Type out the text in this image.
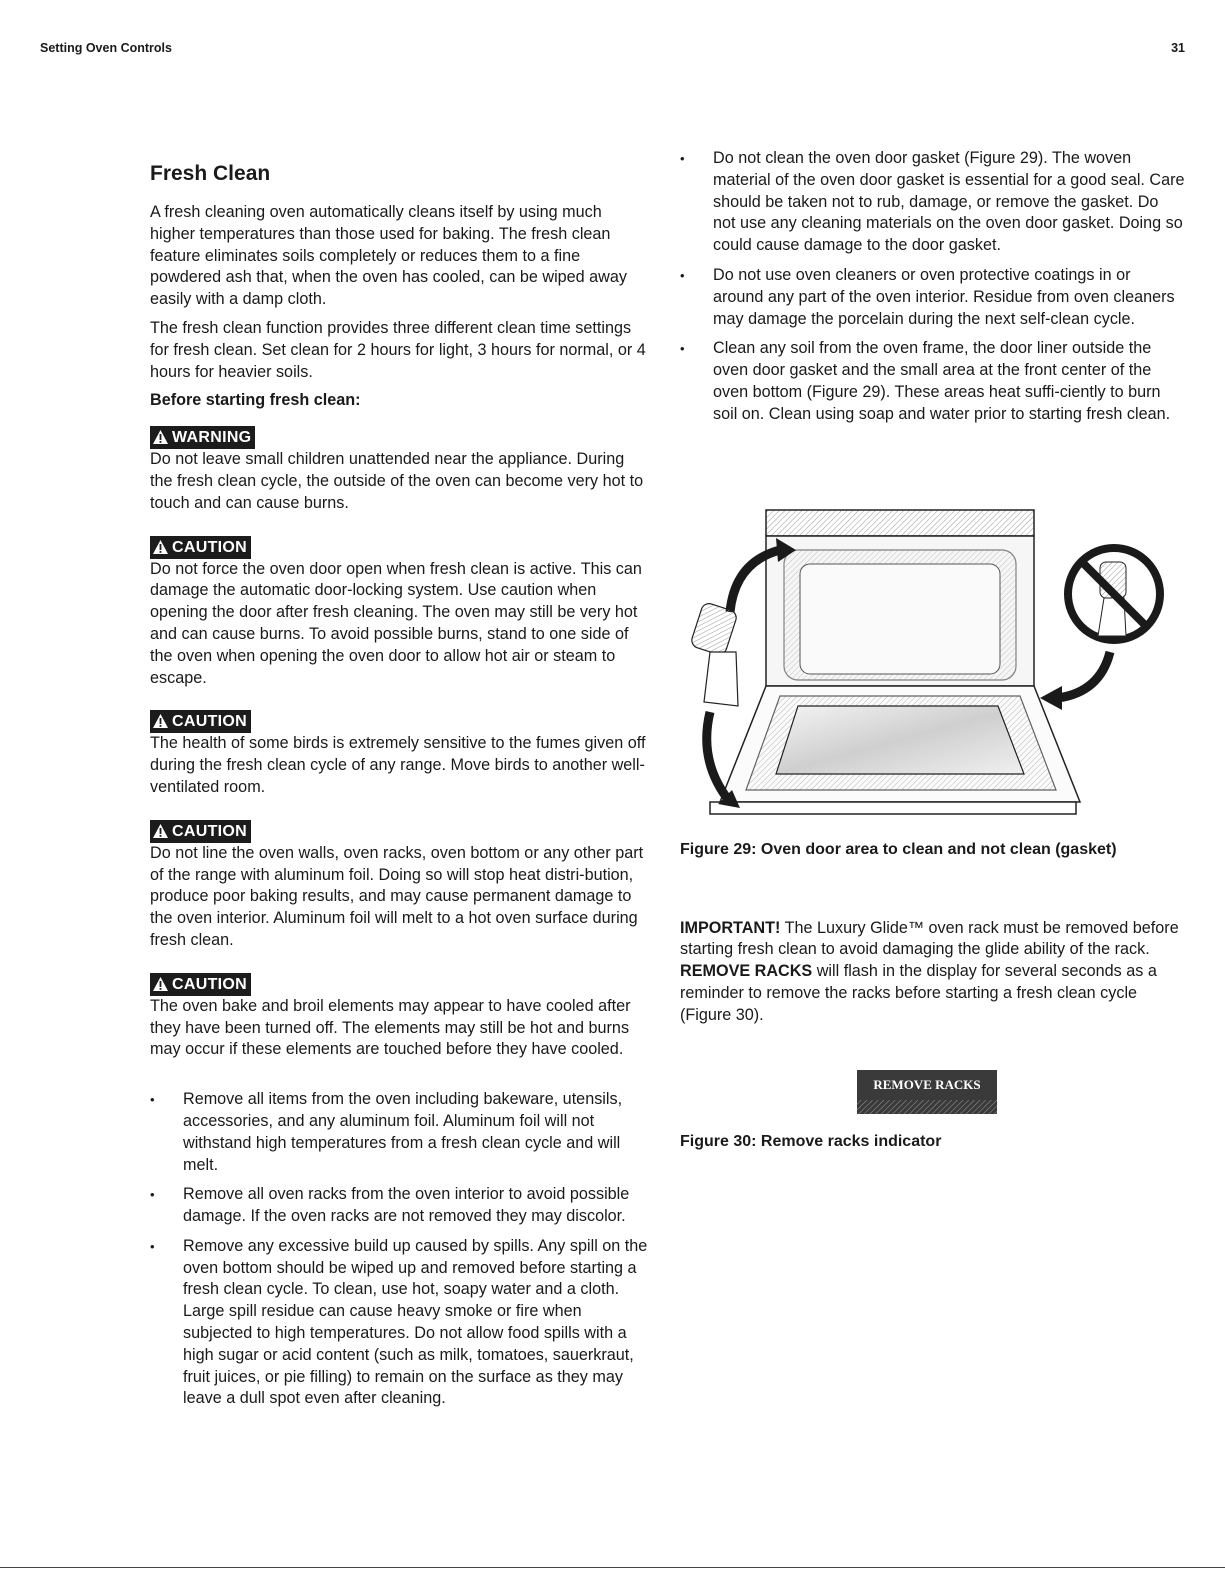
Setting Oven Controls	31
Fresh Clean

A fresh cleaning oven automatically cleans itself by using much higher temperatures than those used for baking. The fresh clean feature eliminates soils completely or reduces them to a fine powdered ash that, when the oven has cooled, can be wiped away easily with a damp cloth.

The fresh clean function provides three different clean time settings for fresh clean. Set clean for 2 hours for light, 3 hours for normal, or 4 hours for heavier soils.

Before starting fresh clean:

WARNING

Do not leave small children unattended near the appliance. During the fresh clean cycle, the outside of the oven can become very hot to touch and can cause burns.

CAUTION

Do not force the oven door open when fresh clean is active. This can damage the automatic door-locking system. Use caution when opening the door after fresh cleaning. The oven may still be very hot and can cause burns. To avoid possible burns, stand to one side of the oven when opening the oven door to allow hot air or steam to escape.

CAUTION

The health of some birds is extremely sensitive to the fumes given off during the fresh clean cycle of any range. Move birds to another well-ventilated room.

CAUTION

Do not line the oven walls, oven racks, oven bottom or any other part of the range with aluminum foil. Doing so will stop heat distri-bution, produce poor baking results, and may cause permanent damage to the oven interior. Aluminum foil will melt to a hot oven surface during fresh clean.

CAUTION

The oven bake and broil elements may appear to have cooled after they have been turned off. The elements may still be hot and burns may occur if these elements are touched before they have cooled.

• Remove all items from the oven including bakeware, utensils, accessories, and any aluminum foil. Aluminum foil will not withstand high temperatures from a fresh clean cycle and will melt.
• Remove all oven racks from the oven interior to avoid possible damage. If the oven racks are not removed they may discolor.
• Remove any excessive build up caused by spills. Any spill on the oven bottom should be wiped up and removed before starting a fresh clean cycle. To clean, use hot, soapy water and a cloth. Large spill residue can cause heavy smoke or fire when subjected to high temperatures. Do not allow food spills with a high sugar or acid content (such as milk, tomatoes, sauerkraut, fruit juices, or pie filling) to remain on the surface as they may leave a dull spot even after cleaning.
• Do not clean the oven door gasket (Figure 29). The woven material of the oven door gasket is essential for a good seal. Care should be taken not to rub, damage, or remove the gasket. Do not use any cleaning materials on the oven door gasket. Doing so could cause damage to the door gasket.
• Do not use oven cleaners or oven protective coatings in or around any part of the oven interior. Residue from oven cleaners may damage the porcelain during the next self-clean cycle.
• Clean any soil from the oven frame, the door liner outside the oven door gasket and the small area at the front center of the oven bottom (Figure 29). These areas heat suffi-ciently to burn soil on. Clean using soap and water prior to starting fresh clean.

Figure 29: Oven door area to clean and not clean (gasket)

IMPORTANT! The Luxury Glide™ oven rack must be removed before starting fresh clean to avoid damaging the glide ability of the rack. REMOVE RACKS will flash in the display for several seconds as a reminder to remove the racks before starting a fresh clean cycle (Figure 30).

REMOVE RACKS

Figure 30: Remove racks indicator
